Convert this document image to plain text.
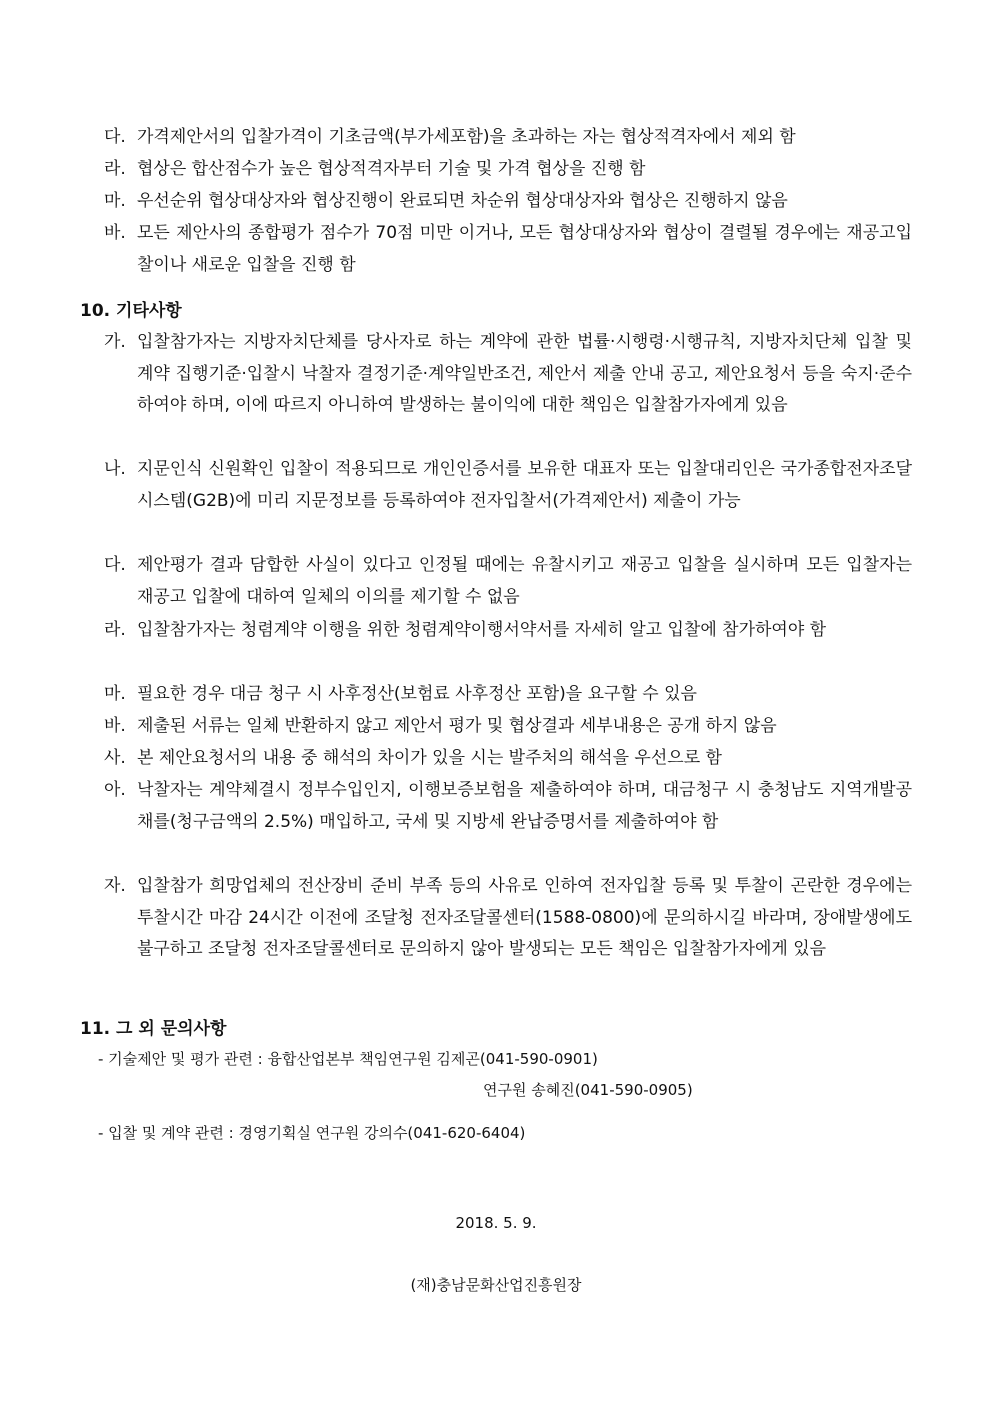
다. 가격제안서의 입찰가격이 기초금액(부가세포함)을 초과하는 자는 협상적격자에서 제외 함
라. 협상은 합산점수가 높은 협상적격자부터 기술 및 가격 협상을 진행 함
마. 우선순위 협상대상자와 협상진행이 완료되면 차순위 협상대상자와 협상은 진행하지 않음
바. 모든 제안사의 종합평가 점수가 70점 미만 이거나, 모든 협상대상자와 협상이 결렬될 경우에는 재공고입찰이나 새로운 입찰을 진행 함
10. 기타사항
가. 입찰참가자는 지방자치단체를 당사자로 하는 계약에 관한 법률·시행령·시행규칙, 지방자치단체 입찰 및 계약 집행기준·입찰시 낙찰자 결정기준·계약일반조건, 제안서 제출 안내 공고, 제안요청서 등을 숙지·준수하여야 하며, 이에 따르지 아니하여 발생하는 불이익에 대한 책임은 입찰참가자에게 있음
나. 지문인식 신원확인 입찰이 적용되므로 개인인증서를 보유한 대표자 또는 입찰대리인은 국가종합전자조달시스템(G2B)에 미리 지문정보를 등록하여야 전자입찰서(가격제안서) 제출이 가능
다. 제안평가 결과 담합한 사실이 있다고 인정될 때에는 유찰시키고 재공고 입찰을 실시하며 모든 입찰자는 재공고 입찰에 대하여 일체의 이의를 제기할 수 없음
라. 입찰참가자는 청렴계약 이행을 위한 청렴계약이행서약서를 자세히 알고 입찰에 참가하여야 함
마. 필요한 경우 대금 청구 시 사후정산(보험료 사후정산 포함)을 요구할 수 있음
바. 제출된 서류는 일체 반환하지 않고 제안서 평가 및 협상결과 세부내용은 공개 하지 않음
사. 본 제안요청서의 내용 중 해석의 차이가 있을 시는 발주처의 해석을 우선으로 함
아. 낙찰자는 계약체결시 정부수입인지, 이행보증보험을 제출하여야 하며, 대금청구 시 충청남도 지역개발공채를(청구금액의 2.5%) 매입하고, 국세 및 지방세 완납증명서를 제출하여야 함
자. 입찰참가 희망업체의 전산장비 준비 부족 등의 사유로 인하여 전자입찰 등록 및 투찰이 곤란한 경우에는 투찰시간 마감 24시간 이전에 조달청 전자조달콜센터(1588-0800)에 문의하시길 바라며, 장애발생에도 불구하고 조달청 전자조달콜센터로 문의하지 않아 발생되는 모든 책임은 입찰참가자에게 있음
11. 그 외 문의사항
- 기술제안 및 평가 관련 : 융합산업본부 책임연구원 김제곤(041-590-0901)
연구원 송혜진(041-590-0905)
- 입찰 및 계약 관련 : 경영기획실 연구원 강의수(041-620-6404)
2018. 5. 9.
(재)충남문화산업진흥원장
